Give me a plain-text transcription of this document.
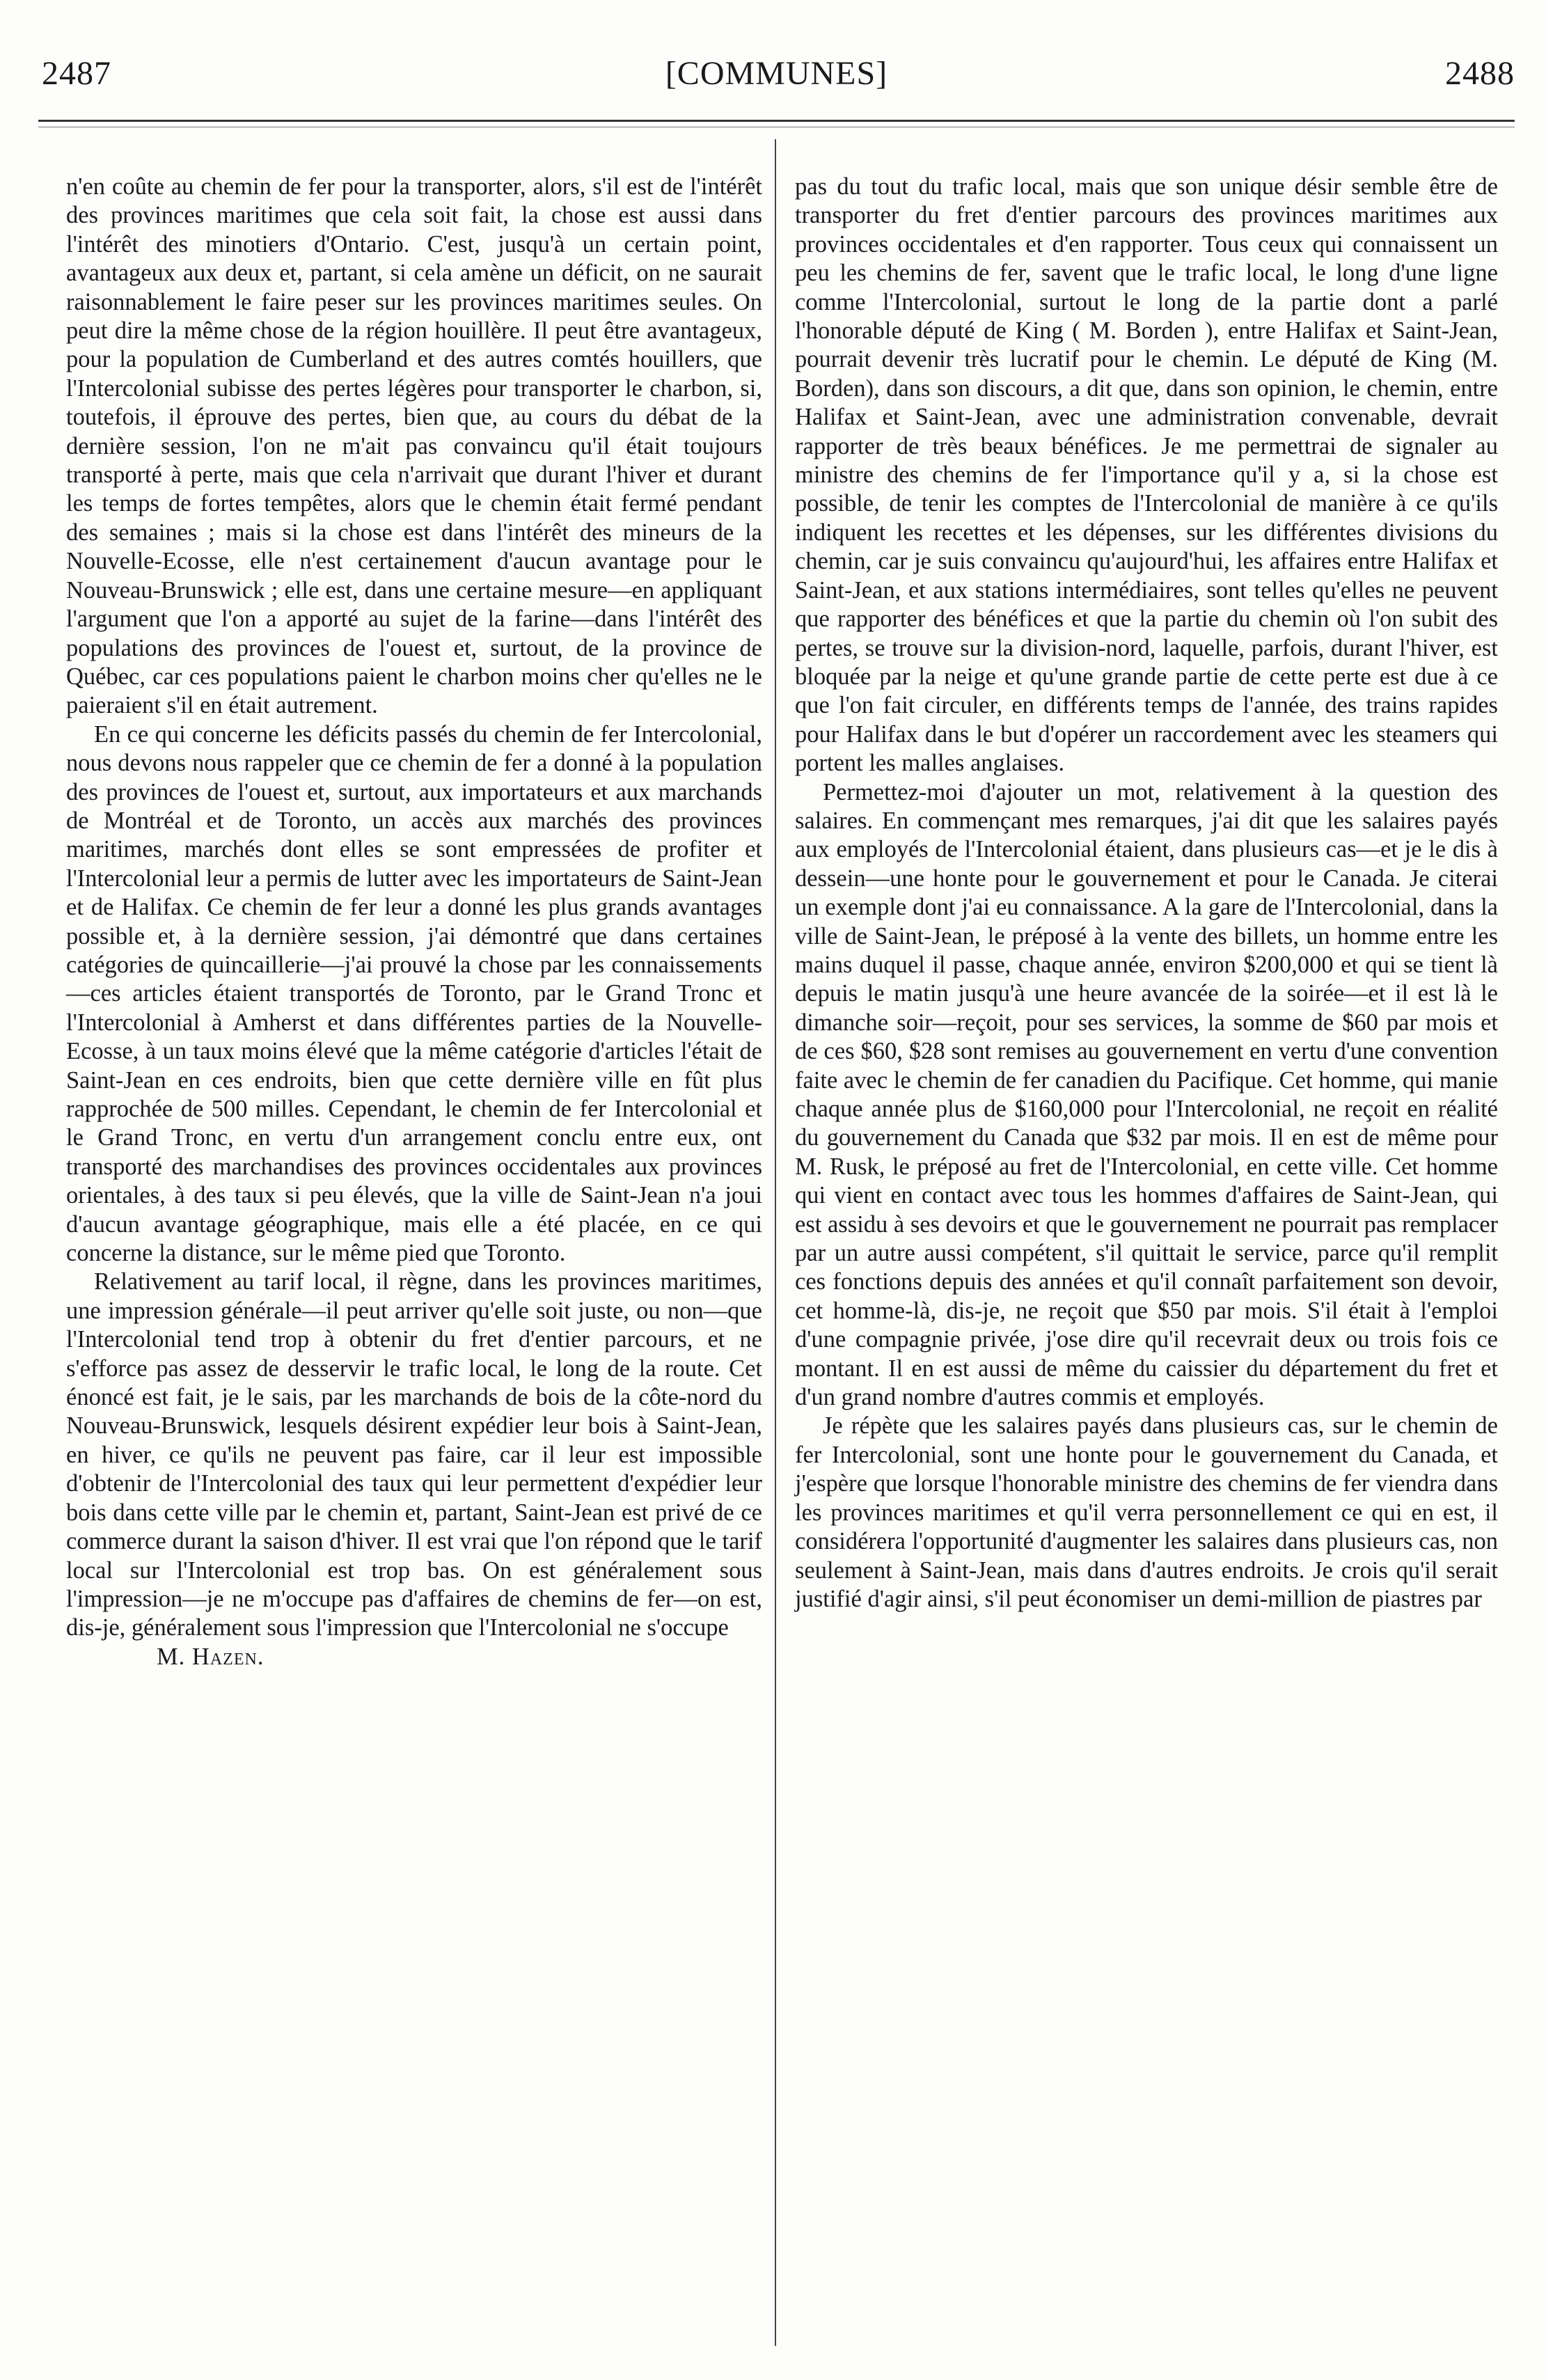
2487	[COMMUNES]	2488

n'en coûte au chemin de fer pour la transporter, alors, s'il est de l'intérêt des provinces maritimes que cela soit fait, la chose est aussi dans l'intérêt des minotiers d'Ontario. C'est, jusqu'à un certain point, avantageux aux deux et, partant, si cela amène un déficit, on ne saurait raisonnablement le faire peser sur les provinces maritimes seules. On peut dire la même chose de la région houillère. Il peut être avantageux, pour la population de Cumberland et des autres comtés houillers, que l'Intercolonial subisse des pertes légères pour transporter le charbon, si, toutefois, il éprouve des pertes, bien que, au cours du débat de la dernière session, l'on ne m'ait pas convaincu qu'il était toujours transporté à perte, mais que cela n'arrivait que durant l'hiver et durant les temps de fortes tempêtes, alors que le chemin était fermé pendant des semaines ; mais si la chose est dans l'intérêt des mineurs de la Nouvelle-Ecosse, elle n'est certainement d'aucun avantage pour le Nouveau-Brunswick ; elle est, dans une certaine mesure—en appliquant l'argument que l'on a apporté au sujet de la farine—dans l'intérêt des populations des provinces de l'ouest et, surtout, de la province de Québec, car ces populations paient le charbon moins cher qu'elles ne le paieraient s'il en était autrement.

En ce qui concerne les déficits passés du chemin de fer Intercolonial, nous devons nous rappeler que ce chemin de fer a donné à la population des provinces de l'ouest et, surtout, aux importateurs et aux marchands de Montréal et de Toronto, un accès aux marchés des provinces maritimes, marchés dont elles se sont empressées de profiter et l'Intercolonial leur a permis de lutter avec les importateurs de Saint-Jean et de Halifax. Ce chemin de fer leur a donné les plus grands avantages possible et, à la dernière session, j'ai démontré que dans certaines catégories de quincaillerie—j'ai prouvé la chose par les connaissements—ces articles étaient transportés de Toronto, par le Grand Tronc et l'Intercolonial à Amherst et dans différentes parties de la Nouvelle-Ecosse, à un taux moins élevé que la même catégorie d'articles l'était de Saint-Jean en ces endroits, bien que cette dernière ville en fût plus rapprochée de 500 milles. Cependant, le chemin de fer Intercolonial et le Grand Tronc, en vertu d'un arrangement conclu entre eux, ont transporté des marchandises des provinces occidentales aux provinces orientales, à des taux si peu élevés, que la ville de Saint-Jean n'a joui d'aucun avantage géographique, mais elle a été placée, en ce qui concerne la distance, sur le même pied que Toronto.

Relativement au tarif local, il règne, dans les provinces maritimes, une impression générale—il peut arriver qu'elle soit juste, ou non—que l'Intercolonial tend trop à obtenir du fret d'entier parcours, et ne s'efforce pas assez de desservir le trafic local, le long de la route. Cet énoncé est fait, je le sais, par les marchands de bois de la côte-nord du Nouveau-Brunswick, lesquels désirent expédier leur bois à Saint-Jean, en hiver, ce qu'ils ne peuvent pas faire, car il leur est impossible d'obtenir de l'Intercolonial des taux qui leur permettent d'expédier leur bois dans cette ville par le chemin et, partant, Saint-Jean est privé de ce commerce durant la saison d'hiver. Il est vrai que l'on répond que le tarif local sur l'Intercolonial est trop bas. On est généralement sous l'impression—je ne m'occupe pas d'affaires de chemins de fer—on est, dis-je, généralement sous l'impression que l'Intercolonial ne s'occupe

M. Hazen.

pas du tout du trafic local, mais que son unique désir semble être de transporter du fret d'entier parcours des provinces maritimes aux provinces occidentales et d'en rapporter. Tous ceux qui connaissent un peu les chemins de fer, savent que le trafic local, le long d'une ligne comme l'Intercolonial, surtout le long de la partie dont a parlé l'honorable député de King ( M. Borden ), entre Halifax et Saint-Jean, pourrait devenir très lucratif pour le chemin. Le député de King (M. Borden), dans son discours, a dit que, dans son opinion, le chemin, entre Halifax et Saint-Jean, avec une administration convenable, devrait rapporter de très beaux bénéfices. Je me permettrai de signaler au ministre des chemins de fer l'importance qu'il y a, si la chose est possible, de tenir les comptes de l'Intercolonial de manière à ce qu'ils indiquent les recettes et les dépenses, sur les différentes divisions du chemin, car je suis convaincu qu'aujourd'hui, les affaires entre Halifax et Saint-Jean, et aux stations intermédiaires, sont telles qu'elles ne peuvent que rapporter des bénéfices et que la partie du chemin où l'on subit des pertes, se trouve sur la division-nord, laquelle, parfois, durant l'hiver, est bloquée par la neige et qu'une grande partie de cette perte est due à ce que l'on fait circuler, en différents temps de l'année, des trains rapides pour Halifax dans le but d'opérer un raccordement avec les steamers qui portent les malles anglaises.

Permettez-moi d'ajouter un mot, relativement à la question des salaires. En commençant mes remarques, j'ai dit que les salaires payés aux employés de l'Intercolonial étaient, dans plusieurs cas—et je le dis à dessein—une honte pour le gouvernement et pour le Canada. Je citerai un exemple dont j'ai eu connaissance. A la gare de l'Intercolonial, dans la ville de Saint-Jean, le préposé à la vente des billets, un homme entre les mains duquel il passe, chaque année, environ $200,000 et qui se tient là depuis le matin jusqu'à une heure avancée de la soirée—et il est là le dimanche soir—reçoit, pour ses services, la somme de $60 par mois et de ces $60, $28 sont remises au gouvernement en vertu d'une convention faite avec le chemin de fer canadien du Pacifique. Cet homme, qui manie chaque année plus de $160,000 pour l'Intercolonial, ne reçoit en réalité du gouvernement du Canada que $32 par mois. Il en est de même pour M. Rusk, le préposé au fret de l'Intercolonial, en cette ville. Cet homme qui vient en contact avec tous les hommes d'affaires de Saint-Jean, qui est assidu à ses devoirs et que le gouvernement ne pourrait pas remplacer par un autre aussi compétent, s'il quittait le service, parce qu'il remplit ces fonctions depuis des années et qu'il connaît parfaitement son devoir, cet homme-là, dis-je, ne reçoit que $50 par mois. S'il était à l'emploi d'une compagnie privée, j'ose dire qu'il recevrait deux ou trois fois ce montant. Il en est aussi de même du caissier du département du fret et d'un grand nombre d'autres commis et employés.

Je répète que les salaires payés dans plusieurs cas, sur le chemin de fer Intercolonial, sont une honte pour le gouvernement du Canada, et j'espère que lorsque l'honorable ministre des chemins de fer viendra dans les provinces maritimes et qu'il verra personnellement ce qui en est, il considérera l'opportunité d'augmenter les salaires dans plusieurs cas, non seulement à Saint-Jean, mais dans d'autres endroits. Je crois qu'il serait justifié d'agir ainsi, s'il peut économiser un demi-million de piastres par
